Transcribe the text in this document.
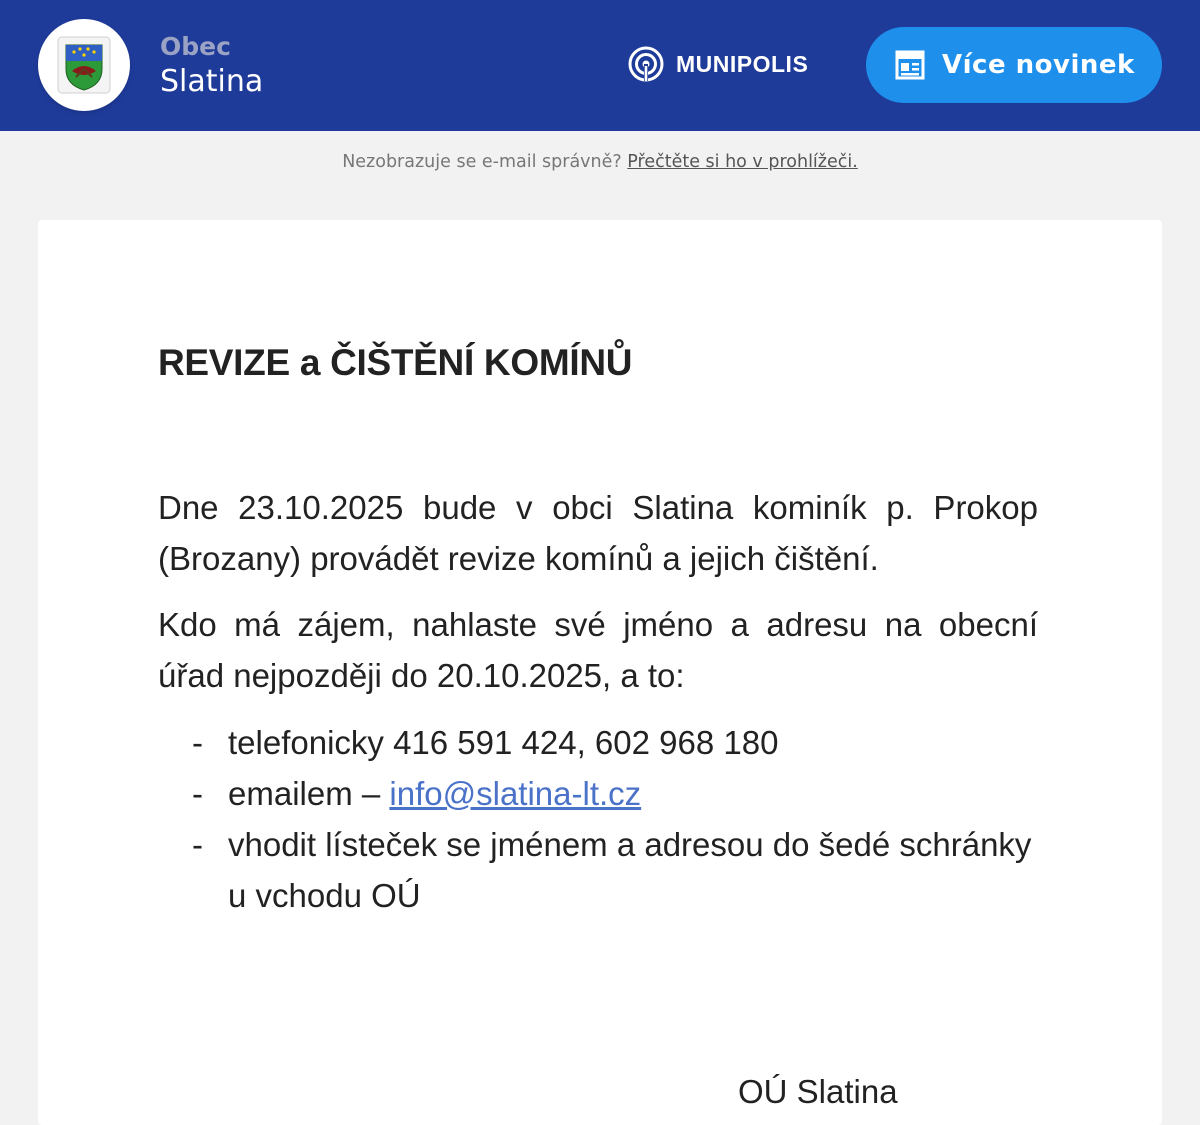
Obec
Slatina
MUNIPOLIS	Více novinek
Nezobrazuje se e-mail správně? Přečtěte si ho v prohlížeči.
REVIZE a ČIŠTĚNÍ KOMÍNŮ
Dne 23.10.2025 bude v obci Slatina kominík p. Prokop (Brozany) provádět revize komínů a jejich čištění.
Kdo má zájem, nahlaste své jméno a adresu na obecní úřad nejpozději do 20.10.2025, a to:
- telefonicky 416 591 424, 602 968 180
- emailem – info@slatina-lt.cz
- vhodit lísteček se jménem a adresou do šedé schránky u vchodu OÚ
OÚ Slatina
